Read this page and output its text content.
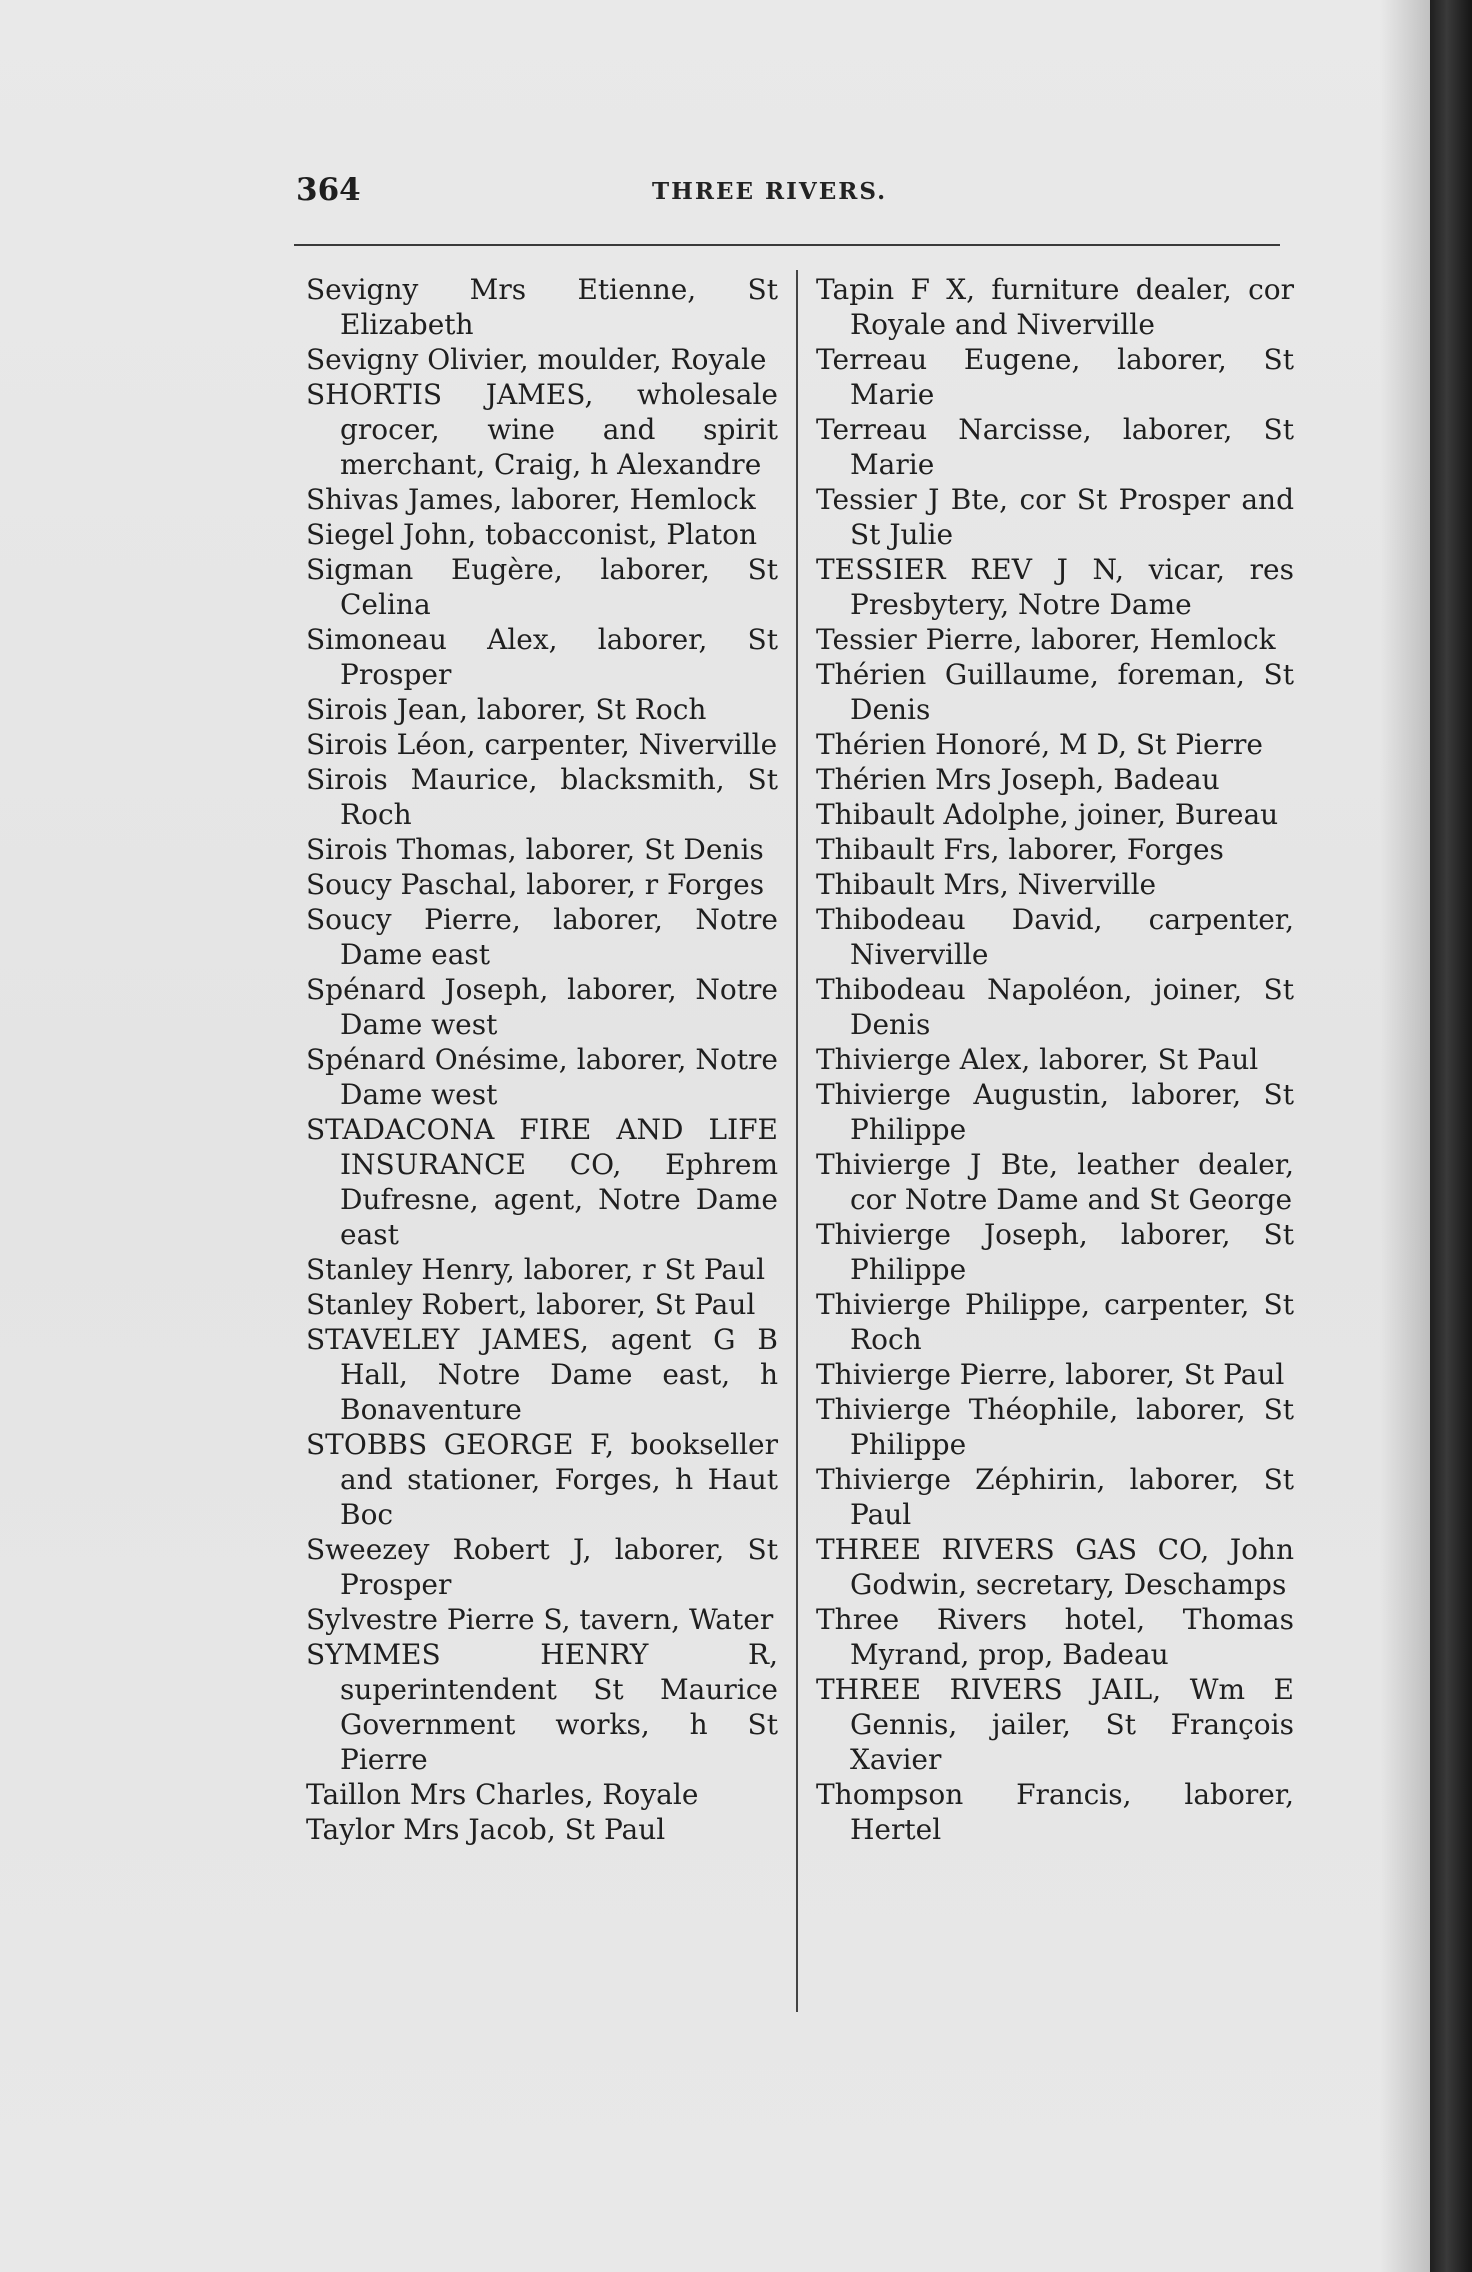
364	THREE RIVERS.
Sevigny Mrs Etienne, St Elizabeth
Sevigny Olivier, moulder, Royale
SHORTIS JAMES, wholesale grocer, wine and spirit merchant, Craig, h Alexandre
Shivas James, laborer, Hemlock
Siegel John, tobacconist, Platon
Sigman Eugère, laborer, St Celina
Simoneau Alex, laborer, St Prosper
Sirois Jean, laborer, St Roch
Sirois Léon, carpenter, Niverville
Sirois Maurice, blacksmith, St Roch
Sirois Thomas, laborer, St Denis
Soucy Paschal, laborer, r Forges
Soucy Pierre, laborer, Notre Dame east
Spénard Joseph, laborer, Notre Dame west
Spénard Onésime, laborer, Notre Dame west
STADACONA FIRE AND LIFE INSURANCE CO, Ephrem Dufresne, agent, Notre Dame east
Stanley Henry, laborer, r St Paul
Stanley Robert, laborer, St Paul
STAVELEY JAMES, agent G B Hall, Notre Dame east, h Bonaventure
STOBBS GEORGE F, bookseller and stationer, Forges, h Haut Boc
Sweezey Robert J, laborer, St Prosper
Sylvestre Pierre S, tavern, Water
SYMMES HENRY R, superintendent St Maurice Government works, h St Pierre
Taillon Mrs Charles, Royale
Taylor Mrs Jacob, St Paul
Tapin F X, furniture dealer, cor Royale and Niverville
Terreau Eugene, laborer, St Marie
Terreau Narcisse, laborer, St Marie
Tessier J Bte, cor St Prosper and St Julie
TESSIER REV J N, vicar, res Presbytery, Notre Dame
Tessier Pierre, laborer, Hemlock
Thérien Guillaume, foreman, St Denis
Thérien Honoré, M D, St Pierre
Thérien Mrs Joseph, Badeau
Thibault Adolphe, joiner, Bureau
Thibault Frs, laborer, Forges
Thibault Mrs, Niverville
Thibodeau David, carpenter, Niverville
Thibodeau Napoléon, joiner, St Denis
Thivierge Alex, laborer, St Paul
Thivierge Augustin, laborer, St Philippe
Thivierge J Bte, leather dealer, cor Notre Dame and St George
Thivierge Joseph, laborer, St Philippe
Thivierge Philippe, carpenter, St Roch
Thivierge Pierre, laborer, St Paul
Thivierge Théophile, laborer, St Philippe
Thivierge Zéphirin, laborer, St Paul
THREE RIVERS GAS CO, John Godwin, secretary, Deschamps
Three Rivers hotel, Thomas Myrand, prop, Badeau
THREE RIVERS JAIL, Wm E Gennis, jailer, St François Xavier
Thompson Francis, laborer, Hertel
